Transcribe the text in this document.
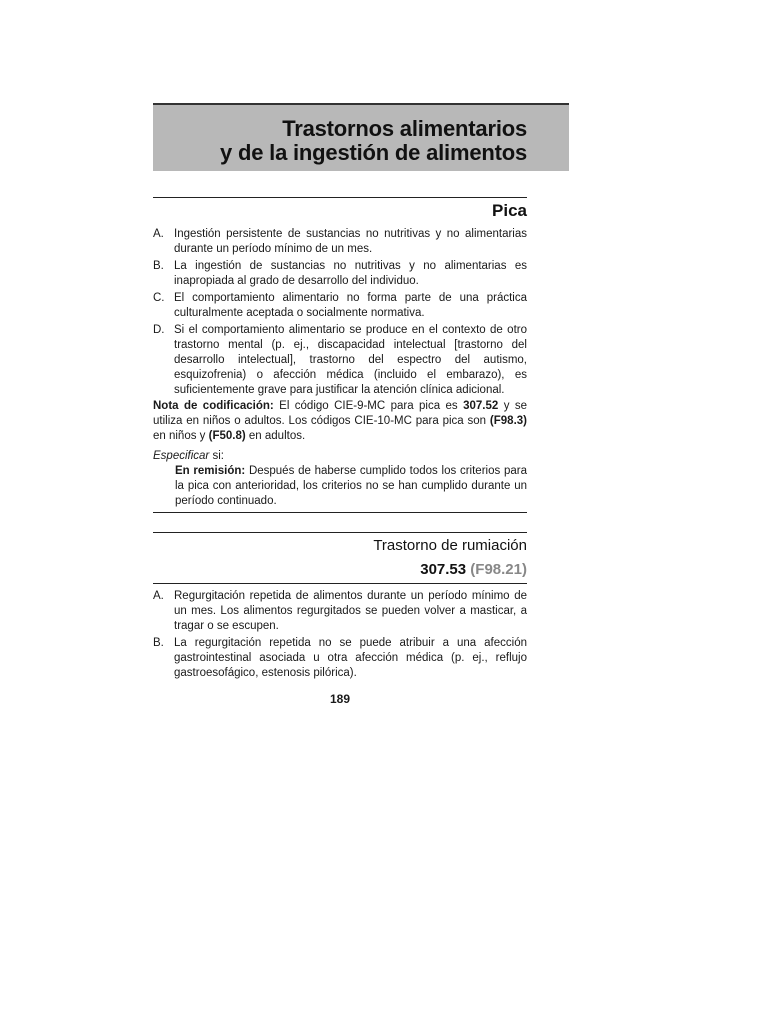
Trastornos alimentarios
y de la ingestión de alimentos
Pica
A. Ingestión persistente de sustancias no nutritivas y no alimentarias durante un período mínimo de un mes.
B. La ingestión de sustancias no nutritivas y no alimentarias es inapropiada al grado de desarrollo del individuo.
C. El comportamiento alimentario no forma parte de una práctica culturalmente aceptada o socialmente normativa.
D. Si el comportamiento alimentario se produce en el contexto de otro trastorno mental (p. ej., discapacidad intelectual [trastorno del desarrollo intelectual], trastorno del espectro del autismo, esquizofrenia) o afección médica (incluido el embarazo), es suficientemente grave para justificar la atención clínica adicional.
Nota de codificación: El código CIE-9-MC para pica es 307.52 y se utiliza en niños o adultos. Los códigos CIE-10-MC para pica son (F98.3) en niños y (F50.8) en adultos.
Especificar si:
En remisión: Después de haberse cumplido todos los criterios para la pica con anterioridad, los criterios no se han cumplido durante un período continuado.
Trastorno de rumiación
307.53 (F98.21)
A. Regurgitación repetida de alimentos durante un período mínimo de un mes. Los alimentos regurgitados se pueden volver a masticar, a tragar o se escupen.
B. La regurgitación repetida no se puede atribuir a una afección gastrointestinal asociada u otra afección médica (p. ej., reflujo gastroesofágico, estenosis pilórica).
189
